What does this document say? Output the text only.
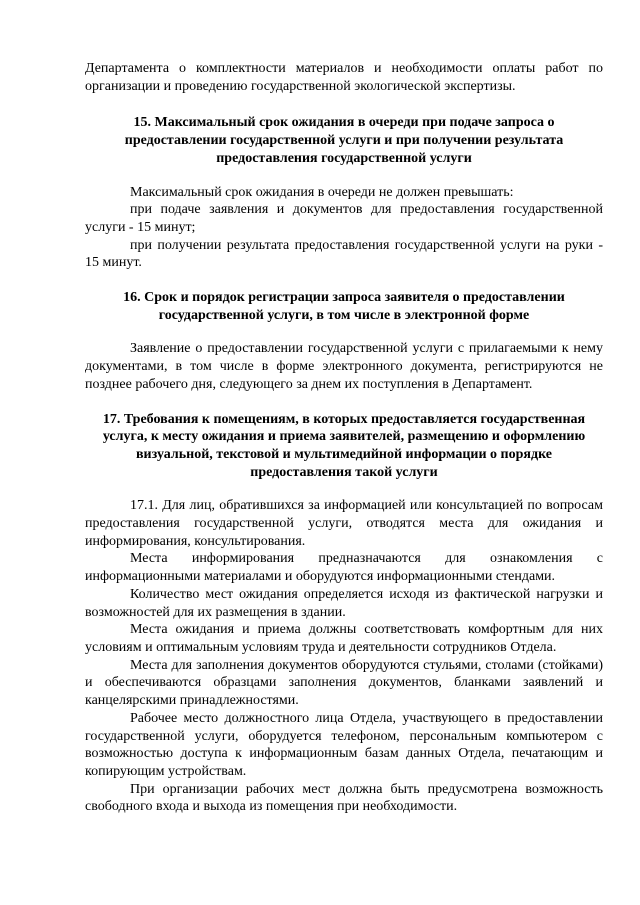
Департамента о комплектности материалов и необходимости оплаты работ по организации и проведению государственной экологической экспертизы.

15. Максимальный срок ожидания в очереди при подаче запроса о предоставлении государственной услуги и при получении результата предоставления государственной услуги

Максимальный срок ожидания в очереди не должен превышать:

при подаче заявления и документов для предоставления государственной услуги - 15 минут;

при получении результата предоставления государственной услуги на руки - 15 минут.

16. Срок и порядок регистрации запроса заявителя о предоставлении государственной услуги, в том числе в электронной форме

Заявление о предоставлении государственной услуги с прилагаемыми к нему документами, в том числе в форме электронного документа, регистрируются не позднее рабочего дня, следующего за днем их поступления в Департамент.

17. Требования к помещениям, в которых предоставляется государственная услуга, к месту ожидания и приема заявителей, размещению и оформлению визуальной, текстовой и мультимедийной информации о порядке предоставления такой услуги

17.1. Для лиц, обратившихся за информацией или консультацией по вопросам предоставления государственной услуги, отводятся места для ожидания и информирования, консультирования.

Места информирования предназначаются для ознакомления с информационными материалами и оборудуются информационными стендами.

Количество мест ожидания определяется исходя из фактической нагрузки и возможностей для их размещения в здании.

Места ожидания и приема должны соответствовать комфортным для них условиям и оптимальным условиям труда и деятельности сотрудников Отдела.

Места для заполнения документов оборудуются стульями, столами (стойками) и обеспечиваются образцами заполнения документов, бланками заявлений и канцелярскими принадлежностями.

Рабочее место должностного лица Отдела, участвующего в предоставлении государственной услуги, оборудуется телефоном, персональным компьютером с возможностью доступа к информационным базам данных Отдела, печатающим и копирующим устройствам.

При организации рабочих мест должна быть предусмотрена возможность свободного входа и выхода из помещения при необходимости.
